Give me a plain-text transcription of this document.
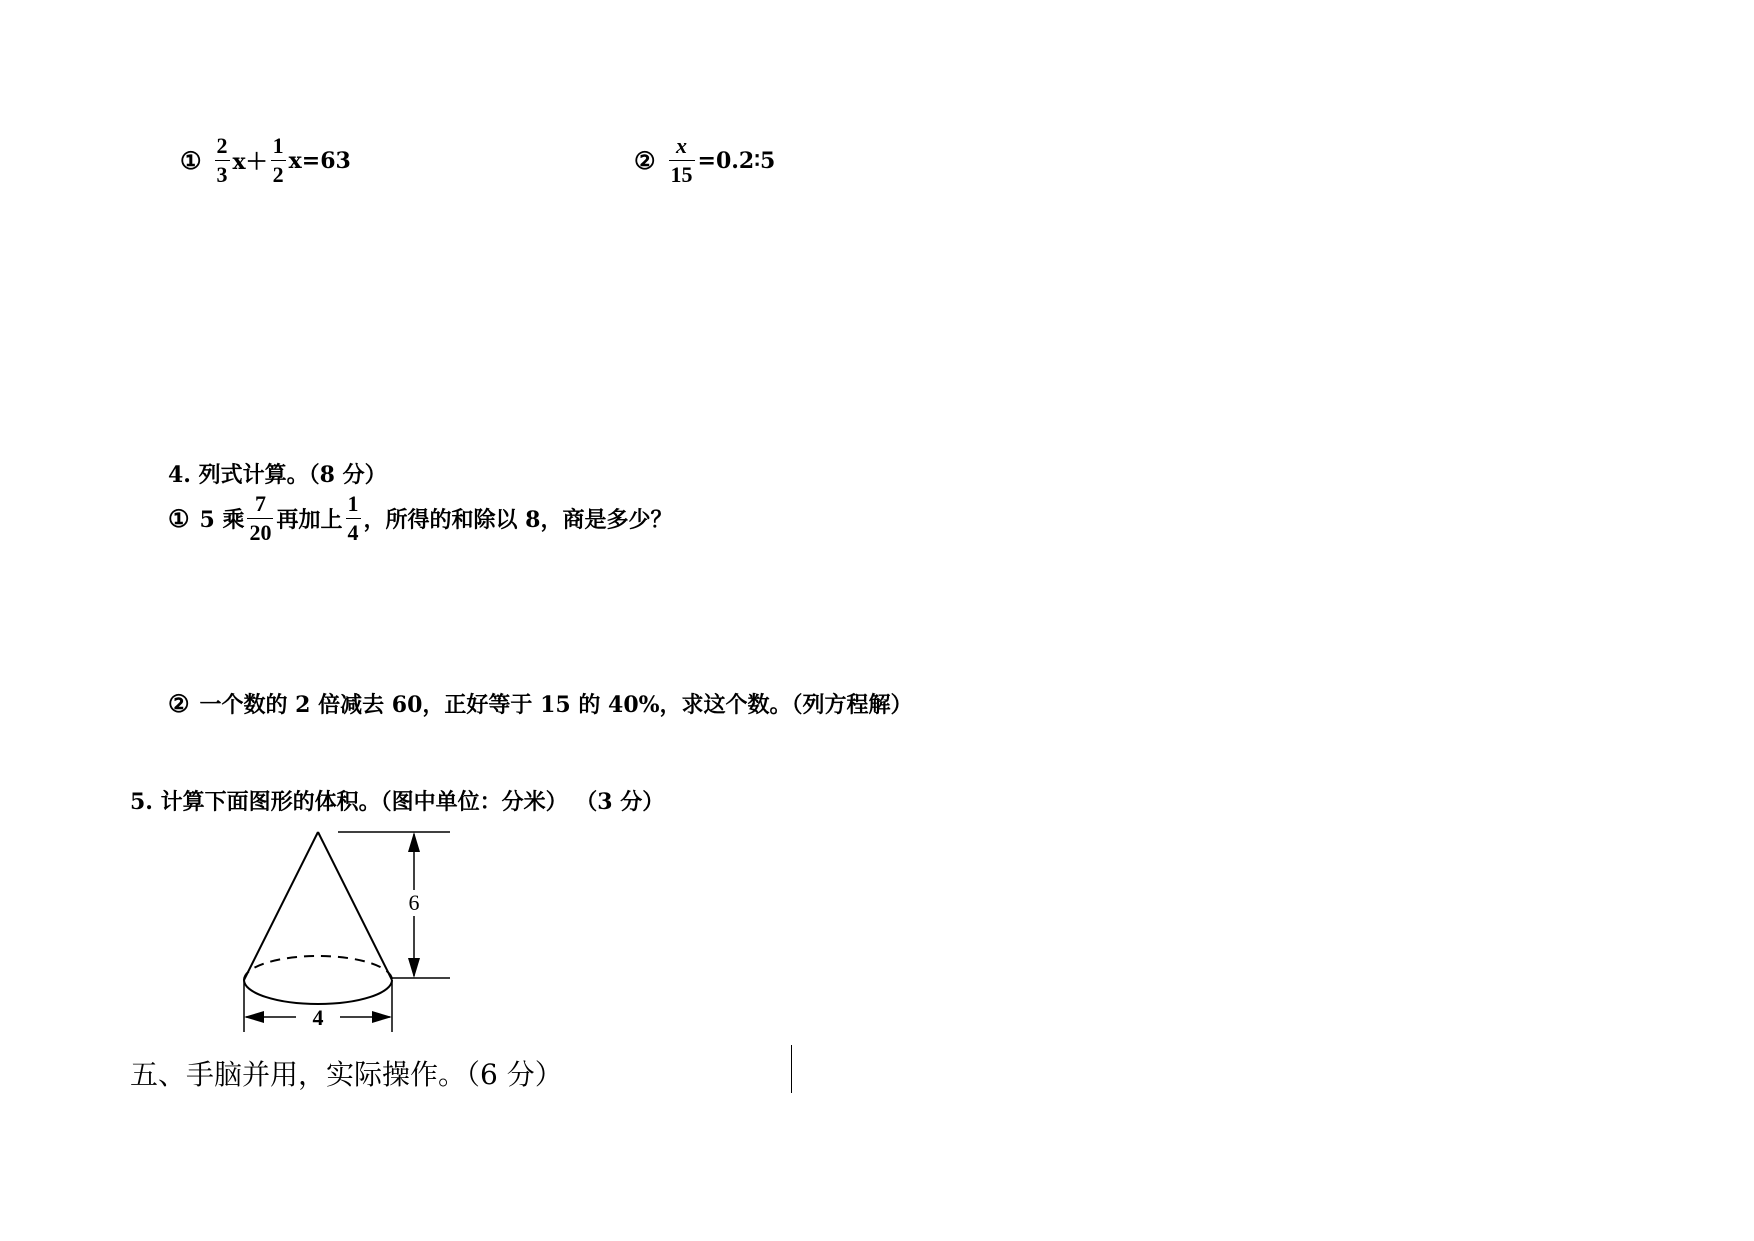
① $\frac{2}{3} x+ \frac{1}{2} x=63$	② $\frac{x}{15}$ =0.2∶5
4. 列式计算。（8 分）
① 5 乘 $\frac{7}{20}$ 再加上 $\frac{1}{4}$ ，所得的和除以 8，商是多少？
② 一个数的 2 倍减去 60，正好等于 15 的 40%，求这个数。（列方程解）
5. 计算下面图形的体积。（图中单位：分米） （3 分）
6
4
五、手脑并用，实际操作。（6 分）
